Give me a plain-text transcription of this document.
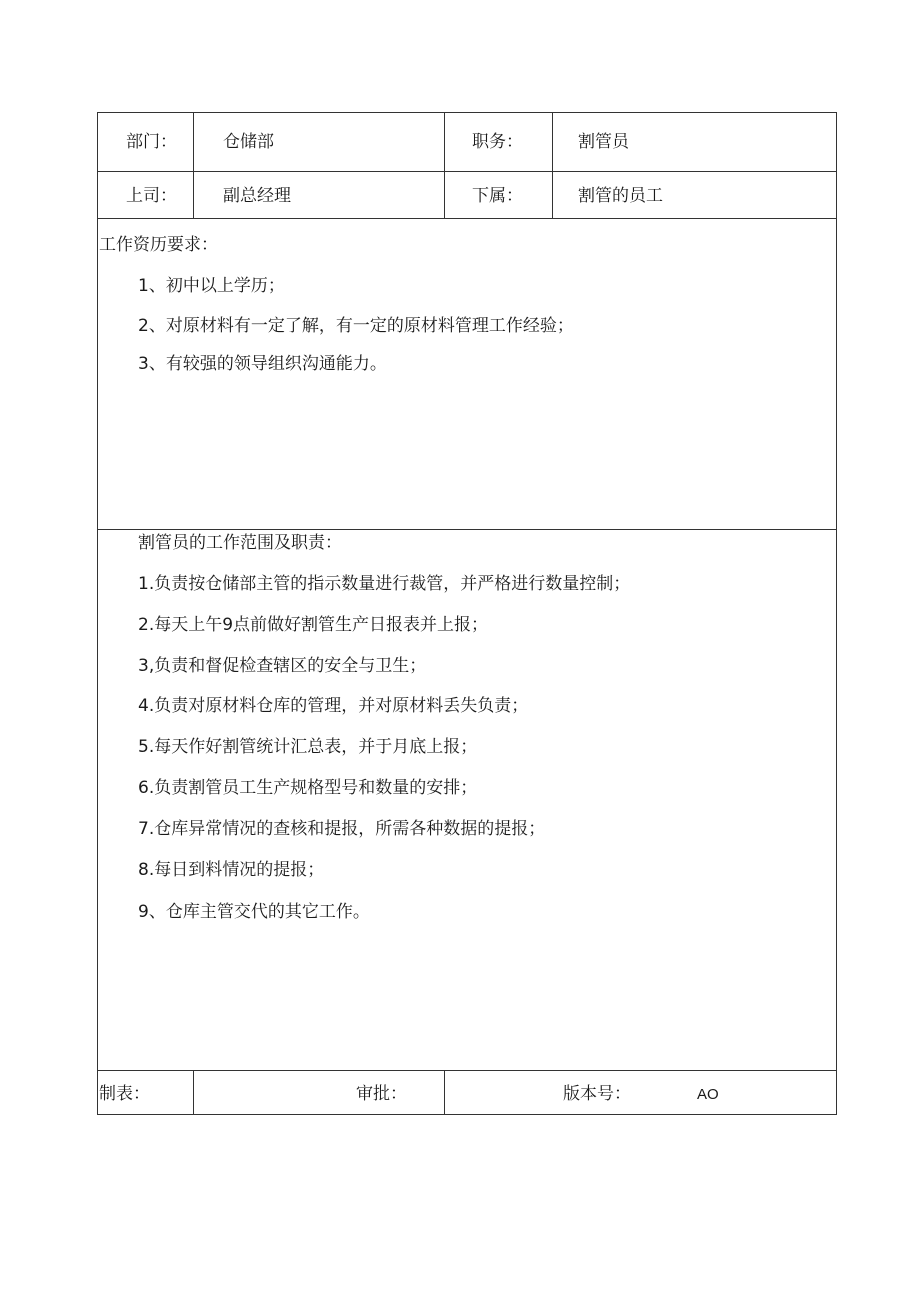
部门：	仓储部	职务：	割管员
上司：	副总经理	下属：	割管的员工
工作资历要求：
1、初中以上学历；
2、对原材料有一定了解，有一定的原材料管理工作经验；
3、有较强的领导组织沟通能力。
割管员的工作范围及职责：
1.负责按仓储部主管的指示数量进行裁管，并严格进行数量控制；
2.每天上午9点前做好割管生产日报表并上报；
3,负责和督促检查辖区的安全与卫生；
4.负责对原材料仓库的管理，并对原材料丢失负责；
5.每天作好割管统计汇总表，并于月底上报；
6.负责割管员工生产规格型号和数量的安排；
7.仓库异常情况的查核和提报，所需各种数据的提报；
8.每日到料情况的提报；
9、仓库主管交代的其它工作。
制表：	审批：	版本号：	AO
